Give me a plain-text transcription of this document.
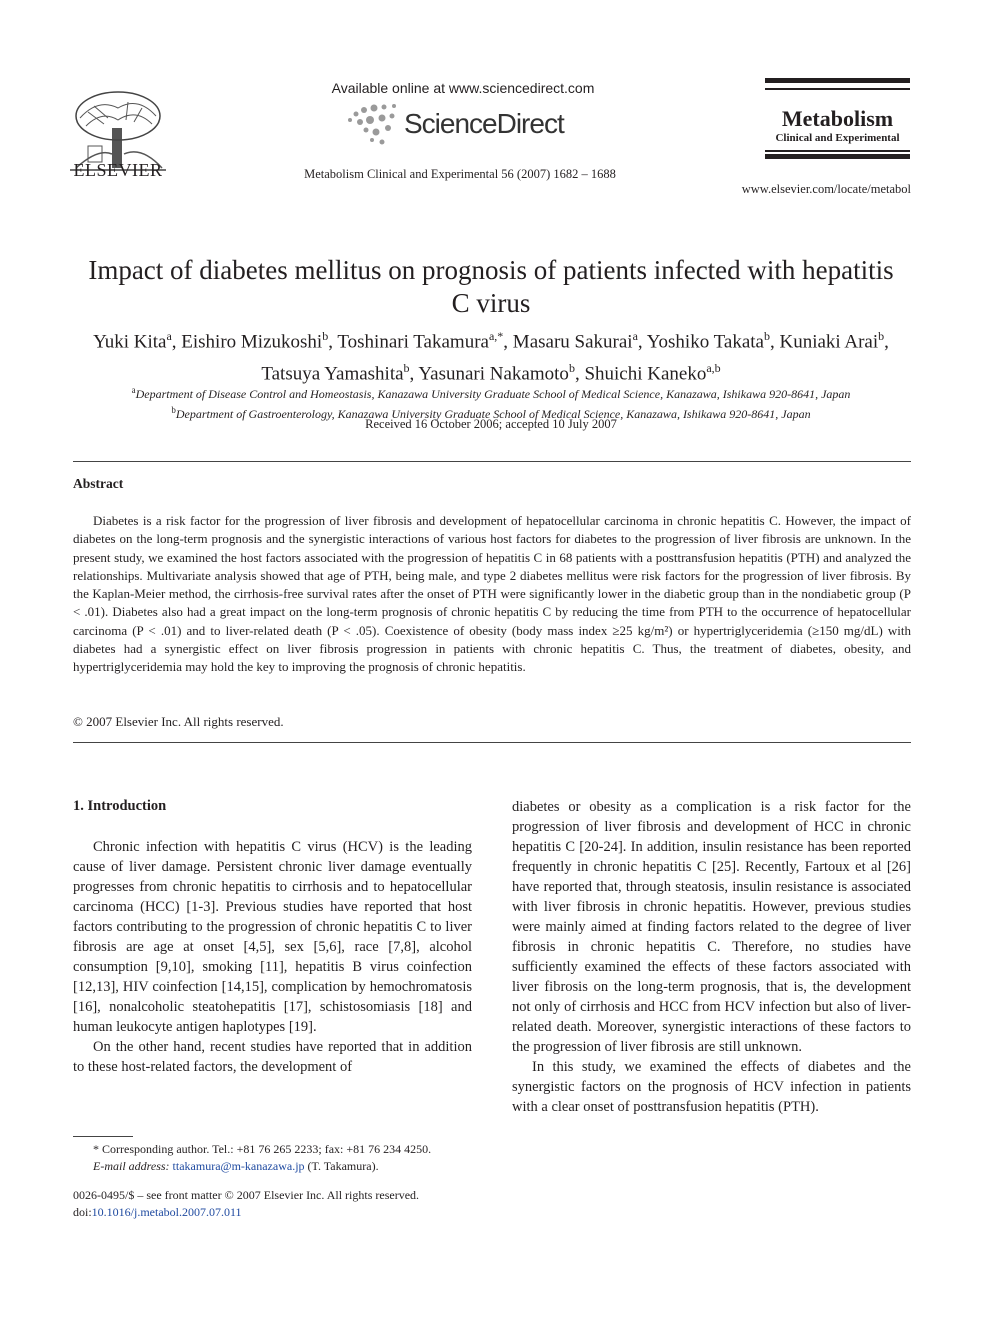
ELSEVIER
Available online at www.sciencedirect.com
ScienceDirect
Metabolism Clinical and Experimental 56 (2007) 1682 – 1688
Metabolism
Clinical and Experimental
www.elsevier.com/locate/metabol
Impact of diabetes mellitus on prognosis of patients infected with hepatitis C virus
Yuki Kita$^a$, Eishiro Mizukoshi$^b$, Toshinari Takamura$^{a,*}$, Masaru Sakurai$^a$, Yoshiko Takata$^b$, Kuniaki Arai$^b$, Tatsuya Yamashita$^b$, Yasunari Nakamoto$^b$, Shuichi Kaneko$^{a,b}$
$^a$Department of Disease Control and Homeostasis, Kanazawa University Graduate School of Medical Science, Kanazawa, Ishikawa 920-8641, Japan
$^b$Department of Gastroenterology, Kanazawa University Graduate School of Medical Science, Kanazawa, Ishikawa 920-8641, Japan
Received 16 October 2006; accepted 10 July 2007
Abstract
Diabetes is a risk factor for the progression of liver fibrosis and development of hepatocellular carcinoma in chronic hepatitis C. However, the impact of diabetes on the long-term prognosis and the synergistic interactions of various host factors for diabetes to the progression of liver fibrosis are unknown. In the present study, we examined the host factors associated with the progression of hepatitis C in 68 patients with a posttransfusion hepatitis (PTH) and analyzed the relationships. Multivariate analysis showed that age of PTH, being male, and type 2 diabetes mellitus were risk factors for the progression of liver fibrosis. By the Kaplan-Meier method, the cirrhosis-free survival rates after the onset of PTH were significantly lower in the diabetic group than in the nondiabetic group (P < .01). Diabetes also had a great impact on the long-term prognosis of chronic hepatitis C by reducing the time from PTH to the occurrence of hepatocellular carcinoma (P < .01) and to liver-related death (P < .05). Coexistence of obesity (body mass index ≥25 kg/m²) or hypertriglyceridemia (≥150 mg/dL) with diabetes had a synergistic effect on liver fibrosis progression in patients with chronic hepatitis C. Thus, the treatment of diabetes, obesity, and hypertriglyceridemia may hold the key to improving the prognosis of chronic hepatitis.
© 2007 Elsevier Inc. All rights reserved.
1. Introduction

Chronic infection with hepatitis C virus (HCV) is the leading cause of liver damage. Persistent chronic liver damage eventually progresses from chronic hepatitis to cirrhosis and to hepatocellular carcinoma (HCC) [1-3]. Previous studies have reported that host factors contributing to the progression of chronic hepatitis C to liver fibrosis are age at onset [4,5], sex [5,6], race [7,8], alcohol consumption [9,10], smoking [11], hepatitis B virus coinfection [12,13], HIV coinfection [14,15], complication by hemochromatosis [16], nonalcoholic steatohepatitis [17], schistosomiasis [18] and human leukocyte antigen haplotypes [19].

On the other hand, recent studies have reported that in addition to these host-related factors, the development of

diabetes or obesity as a complication is a risk factor for the progression of liver fibrosis and development of HCC in chronic hepatitis C [20-24]. In addition, insulin resistance has been reported frequently in chronic hepatitis C [25]. Recently, Fartoux et al [26] have reported that, through steatosis, insulin resistance is associated with liver fibrosis in chronic hepatitis. However, previous studies were mainly aimed at finding factors related to the degree of liver fibrosis in chronic hepatitis C. Therefore, no studies have sufficiently examined the effects of these factors associated with liver fibrosis on the long-term prognosis, that is, the development not only of cirrhosis and HCC from HCV infection but also of liver-related death. Moreover, synergistic interactions of these factors to the progression of liver fibrosis are still unknown.

In this study, we examined the effects of diabetes and the synergistic factors on the prognosis of HCV infection in patients with a clear onset of posttransfusion hepatitis (PTH).

* Corresponding author. Tel.: +81 76 265 2233; fax: +81 76 234 4250.
E-mail address: ttakamura@m-kanazawa.jp (T. Takamura).
0026-0495/$ – see front matter © 2007 Elsevier Inc. All rights reserved.
doi:10.1016/j.metabol.2007.07.011
